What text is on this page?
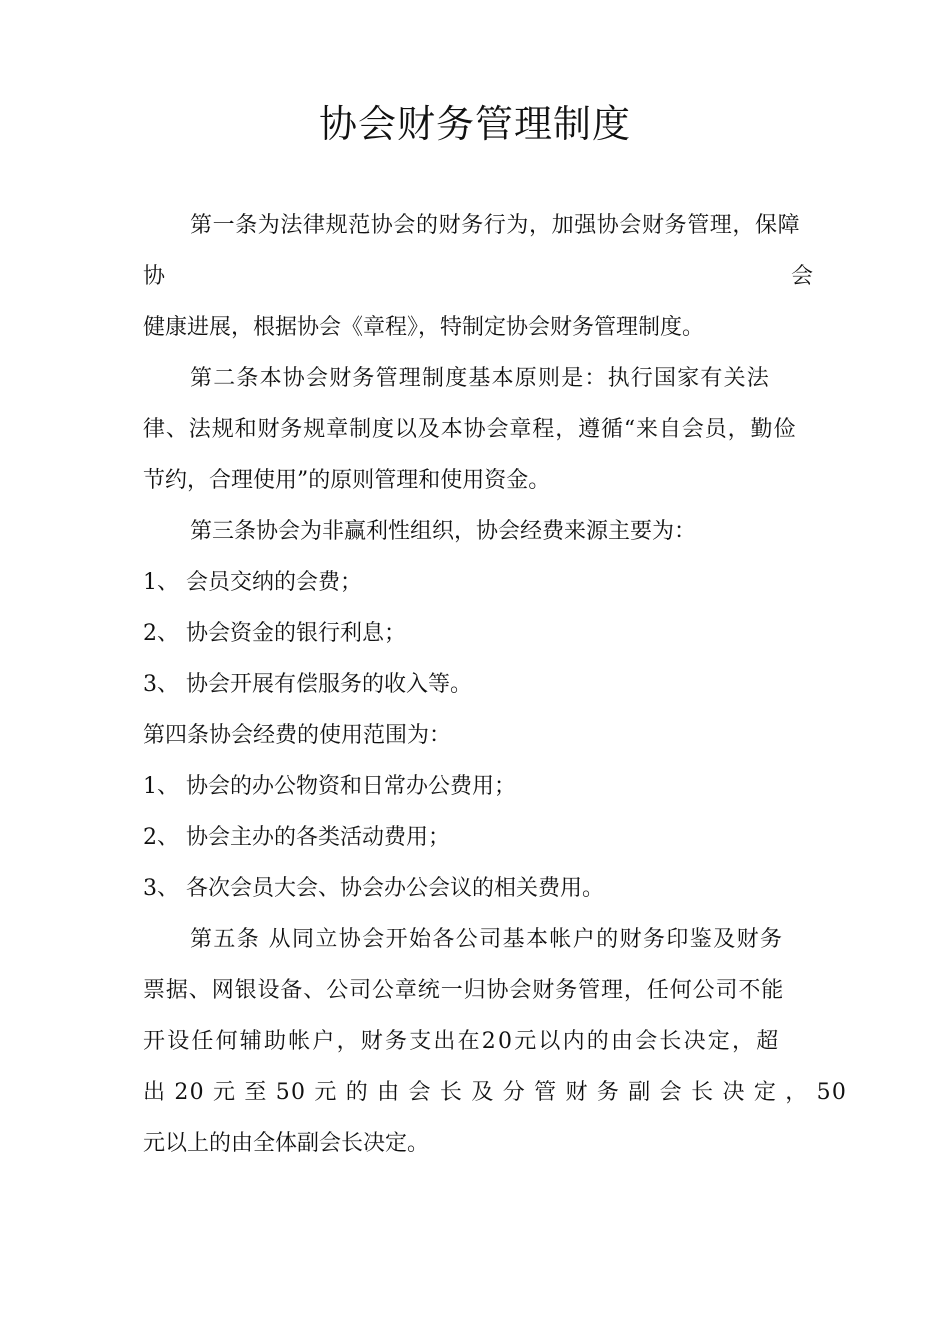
协会财务管理制度

第一条为法律规范协会的财务行为，加强协会财务管理，保障

协	会

健康进展，根据协会《章程》，特制定协会财务管理制度。

第二条本协会财务管理制度基本原则是：执行国家有关法

律、法规和财务规章制度以及本协会章程，遵循“来自会员，勤俭

节约，合理使用”的原则管理和使用资金。

第三条协会为非赢利性组织，协会经费来源主要为：

1、 会员交纳的会费；

2、 协会资金的银行利息；

3、 协会开展有偿服务的收入等。

第四条协会经费的使用范围为：

1、 协会的办公物资和日常办公费用；

2、 协会主办的各类活动费用；

3、 各次会员大会、协会办公会议的相关费用。

第五条 从同立协会开始各公司基本帐户的财务印鉴及财务

票据、网银设备、公司公章统一归协会财务管理，任何公司不能

开设任何辅助帐户，财务支出在20元以内的由会长决定，超

出 20 元 至 50 元 的 由 会 长 及 分 管 财 务 副 会 长 决 定 ， 50

元以上的由全体副会长决定。
